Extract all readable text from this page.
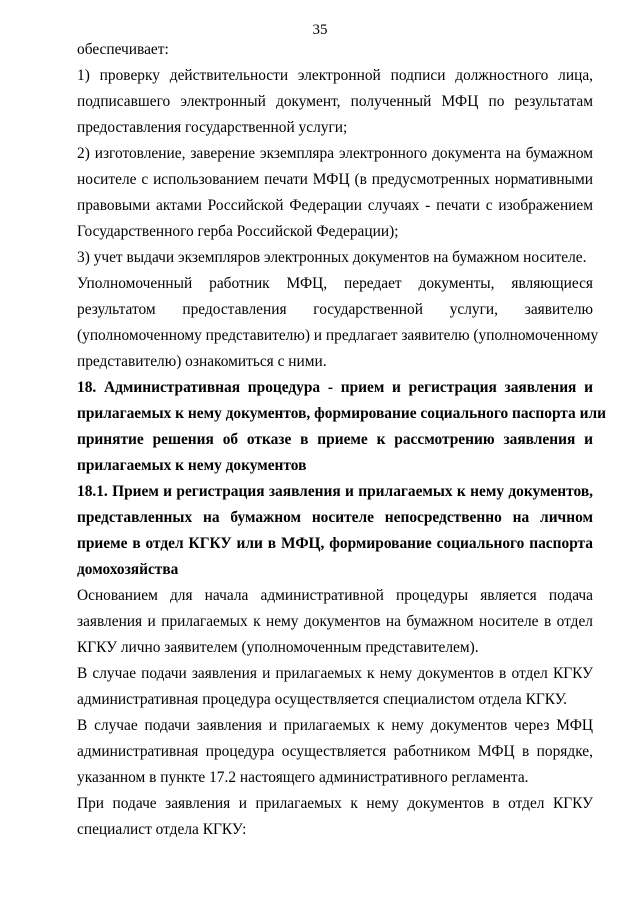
35
обеспечивает:
1) проверку действительности электронной подписи должностного лица,
подписавшего электронный документ, полученный МФЦ по результатам
предоставления государственной услуги;
2) изготовление, заверение экземпляра электронного документа на бумажном
носителе с использованием печати МФЦ (в предусмотренных нормативными
правовыми актами Российской Федерации случаях - печати с изображением
Государственного герба Российской Федерации);
3) учет выдачи экземпляров электронных документов на бумажном носителе.
Уполномоченный работник МФЦ, передает документы, являющиеся
результатом предоставления государственной услуги, заявителю
(уполномоченному представителю) и предлагает заявителю (уполномоченному
представителю) ознакомиться с ними.
18. Административная процедура - прием и регистрация заявления и
прилагаемых к нему документов, формирование социального паспорта или
принятие решения об отказе в приеме к рассмотрению заявления и
прилагаемых к нему документов
18.1. Прием и регистрация заявления и прилагаемых к нему документов,
представленных на бумажном носителе непосредственно на личном
приеме в отдел КГКУ или в МФЦ, формирование социального паспорта
домохозяйства
Основанием для начала административной процедуры является подача
заявления и прилагаемых к нему документов на бумажном носителе в отдел
КГКУ лично заявителем (уполномоченным представителем).
В случае подачи заявления и прилагаемых к нему документов в отдел КГКУ
административная процедура осуществляется специалистом отдела КГКУ.
В случае подачи заявления и прилагаемых к нему документов через МФЦ
административная процедура осуществляется работником МФЦ в порядке,
указанном в пункте 17.2 настоящего административного регламента.
При подаче заявления и прилагаемых к нему документов в отдел КГКУ
специалист отдела КГКУ:
